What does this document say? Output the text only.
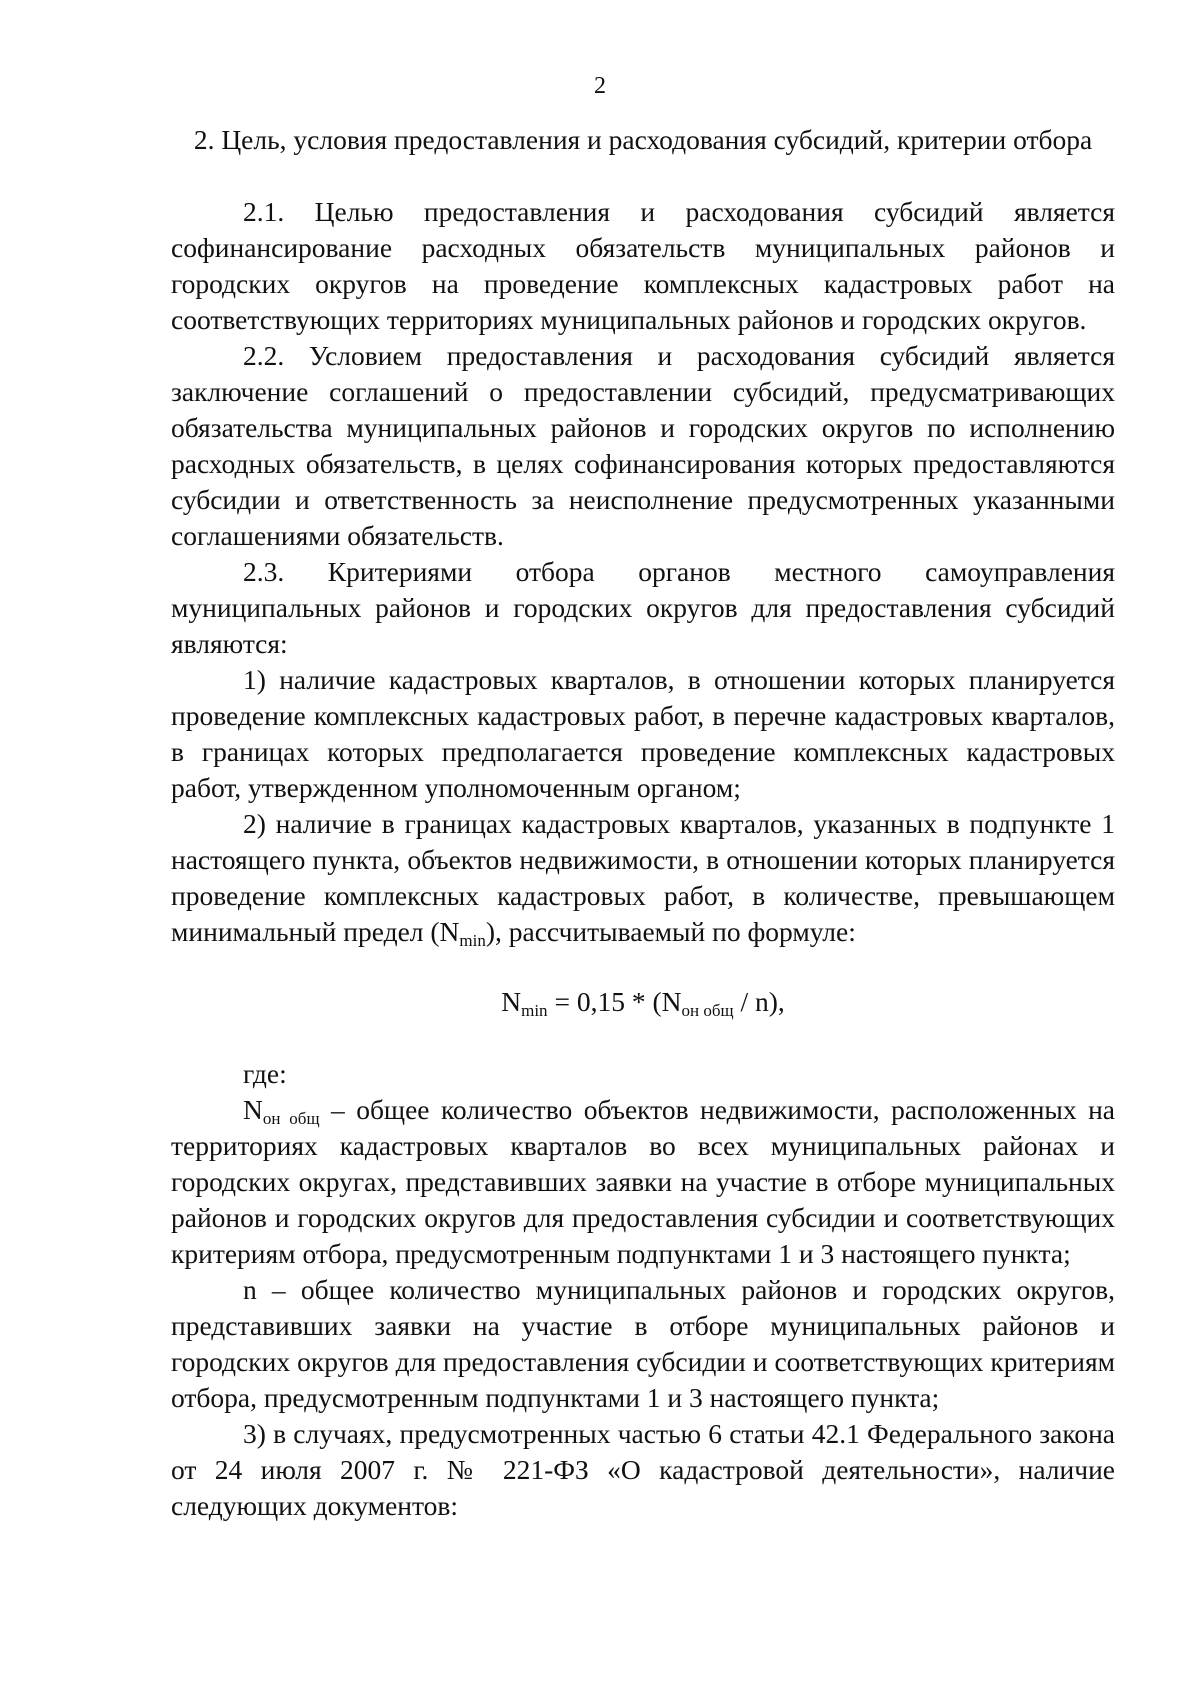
2

2. Цель, условия предоставления и расходования субсидий, критерии отбора

2.1. Целью предоставления и расходования субсидий является софинансирование расходных обязательств муниципальных районов и городских округов на проведение комплексных кадастровых работ на соответствующих территориях муниципальных районов и городских округов.

2.2. Условием предоставления и расходования субсидий является заключение соглашений о предоставлении субсидий, предусматривающих обязательства муниципальных районов и городских округов по исполнению расходных обязательств, в целях софинансирования которых предоставляются субсидии и ответственность за неисполнение предусмотренных указанными соглашениями обязательств.

2.3. Критериями отбора органов местного самоуправления муниципальных районов и городских округов для предоставления субсидий являются:

1) наличие кадастровых кварталов, в отношении которых планируется проведение комплексных кадастровых работ, в перечне кадастровых кварталов, в границах которых предполагается проведение комплексных кадастровых работ, утвержденном уполномоченным органом;

2) наличие в границах кадастровых кварталов, указанных в подпункте 1 настоящего пункта, объектов недвижимости, в отношении которых планируется проведение комплексных кадастровых работ, в количестве, превышающем минимальный предел $(N_{min})$, рассчитываемый по формуле:

$N_{min} = 0,15 * (N_{он общ} / n)$,

где:

$N_{он общ}$ – общее количество объектов недвижимости, расположенных на территориях кадастровых кварталов во всех муниципальных районах и городских округах, представивших заявки на участие в отборе муниципальных районов и городских округов для предоставления субсидии и соответствующих критериям отбора, предусмотренным подпунктами 1 и 3 настоящего пункта;

n – общее количество муниципальных районов и городских округов, представивших заявки на участие в отборе муниципальных районов и городских округов для предоставления субсидии и соответствующих критериям отбора, предусмотренным подпунктами 1 и 3 настоящего пункта;

3) в случаях, предусмотренных частью 6 статьи 42.1 Федерального закона от 24 июля 2007 г. № 221-ФЗ «О кадастровой деятельности», наличие следующих документов:
